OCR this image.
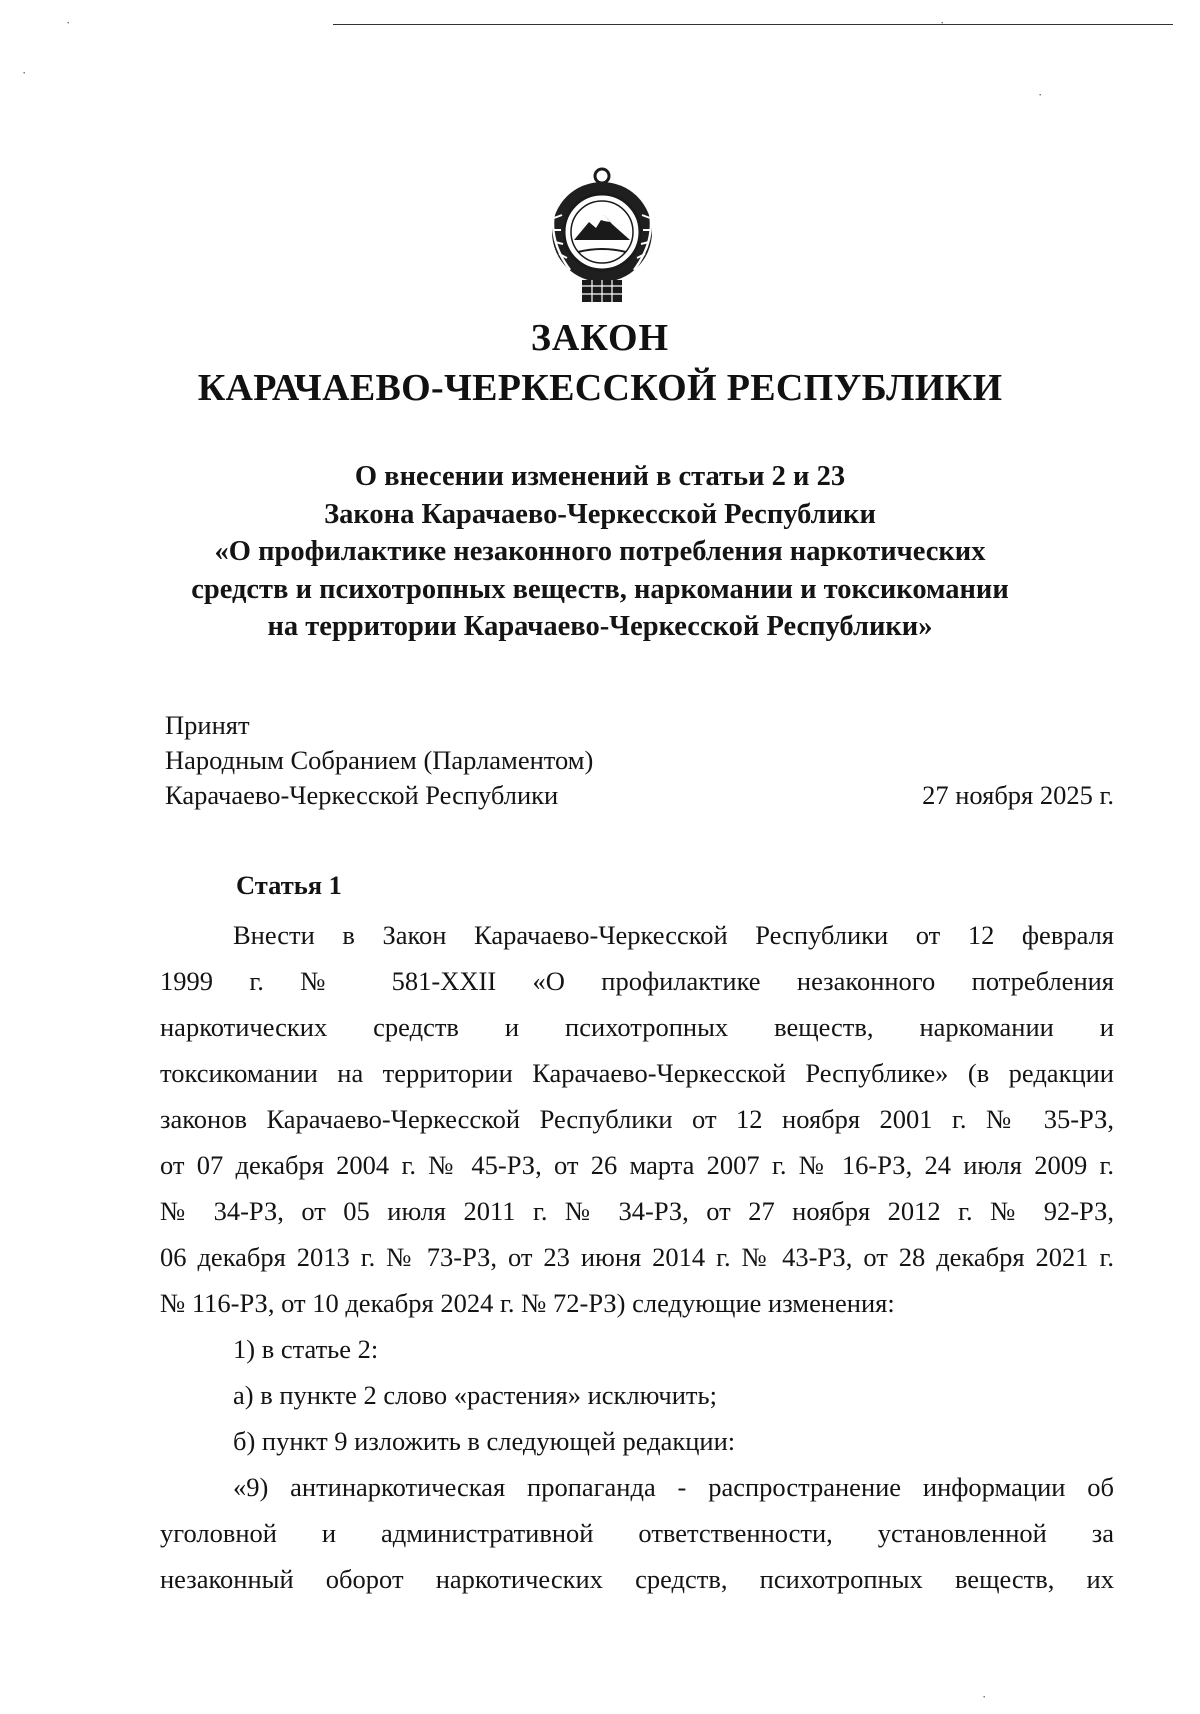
·
·
·
·
ЗАКОН
КАРАЧАЕВО-ЧЕРКЕССКОЙ РЕСПУБЛИКИ
О внесении изменений в статьи 2 и 23
Закона Карачаево-Черкесской Республики
«О профилактике незаконного потребления наркотических
средств и психотропных веществ, наркомании и токсикомании
на территории Карачаево-Черкесской Республики»
Принят
Народным Собранием (Парламентом)
Карачаево-Черкесской Республики	27 ноября 2025 г.
Статья 1
Внести в Закон Карачаево-Черкесской Республики от 12 февраля
1999 г. № 581-XXII «О профилактике незаконного потребления
наркотических средств и психотропных веществ, наркомании и
токсикомании на территории Карачаево-Черкесской Республике» (в редакции
законов Карачаево-Черкесской Республики от 12 ноября 2001 г. № 35-РЗ,
от 07 декабря 2004 г. № 45-РЗ, от 26 марта 2007 г. № 16-РЗ, 24 июля 2009 г.
№ 34-РЗ, от 05 июля 2011 г. № 34-РЗ, от 27 ноября 2012 г. № 92-РЗ,
06 декабря 2013 г. № 73-РЗ, от 23 июня 2014 г. № 43-РЗ, от 28 декабря 2021 г.
№ 116-РЗ, от 10 декабря 2024 г. № 72-РЗ) следующие изменения:
1) в статье 2:
а) в пункте 2 слово «растения» исключить;
б) пункт 9 изложить в следующей редакции:
«9) антинаркотическая пропаганда - распространение информации об
уголовной и административной ответственности, установленной за
незаконный оборот наркотических средств, психотропных веществ, их
·
